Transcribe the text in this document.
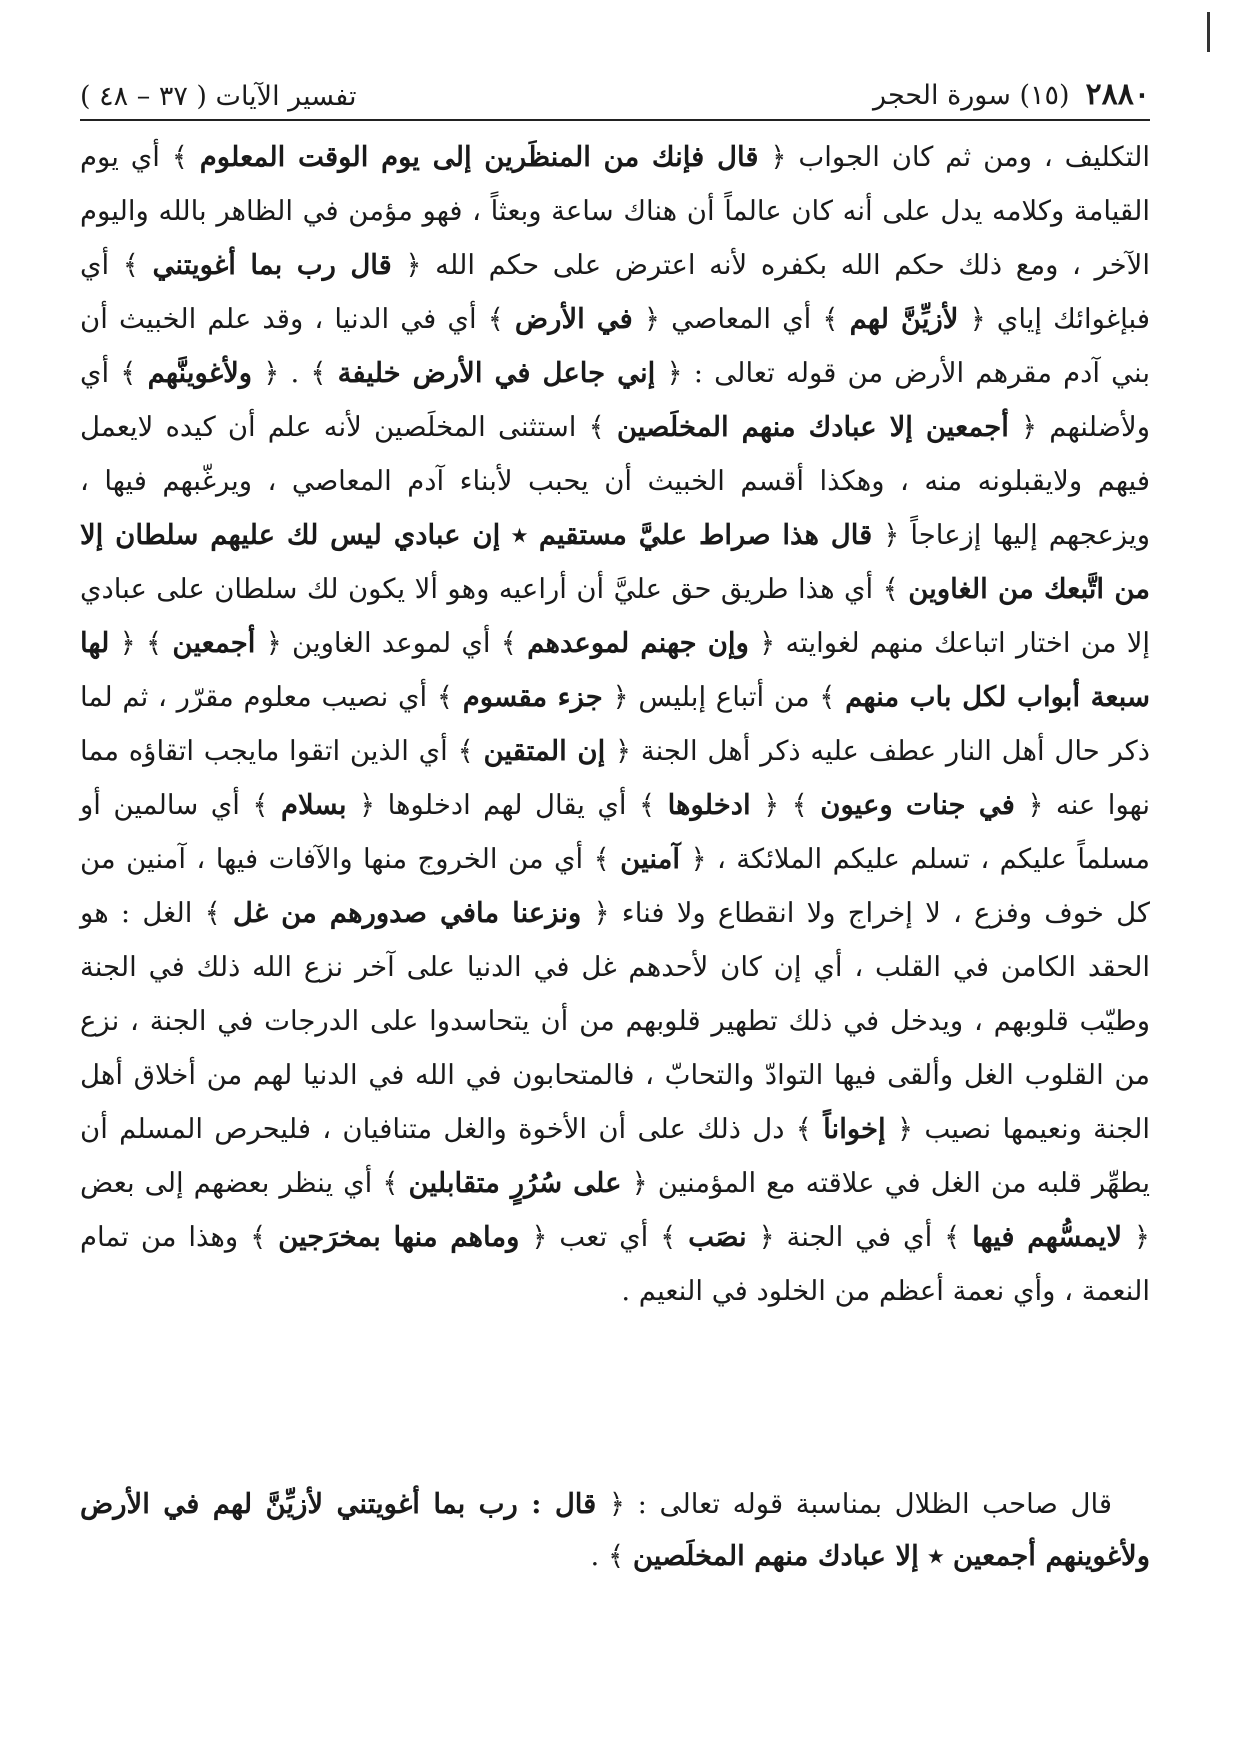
٢٨٨٠
(١٥) سورة الحجر
تفسير الآيات ( ٣٧ – ٤٨ )

التكليف ، ومن ثم كان الجواب ﴿ قال فإنك من المنظَرين إلى يوم الوقت المعلوم ﴾ أي يوم القيامة وكلامه يدل على أنه كان عالماً أن هناك ساعة وبعثاً ، فهو مؤمن في الظاهر بالله واليوم الآخر ، ومع ذلك حكم الله بكفره لأنه اعترض على حكم الله ﴿ قال رب بما أغويتني ﴾ أي فبإغوائك إياي ﴿ لأزيِّنَّ لهم ﴾ أي المعاصي ﴿ في الأرض ﴾ أي في الدنيا ، وقد علم الخبيث أن بني آدم مقرهم الأرض من قوله تعالى : ﴿ إني جاعل في الأرض خليفة ﴾ . ﴿ ولأغوينَّهم ﴾ أي ولأضلنهم ﴿ أجمعين إلا عبادك منهم المخلَصين ﴾ استثنى المخلَصين لأنه علم أن كيده لايعمل فيهم ولايقبلونه منه ، وهكذا أقسم الخبيث أن يحبب لأبناء آدم المعاصي ، ويرغّبهم فيها ، ويزعجهم إليها إزعاجاً ﴿ قال هذا صراط عليَّ مستقيم ٭ إن عبادي ليس لك عليهم سلطان إلا من اتَّبعك من الغاوين ﴾ أي هذا طريق حق عليَّ أن أراعيه وهو ألا يكون لك سلطان على عبادي إلا من اختار اتباعك منهم لغوايته ﴿ وإن جهنم لموعدهم ﴾ أي لموعد الغاوين ﴿ أجمعين ﴾ ﴿ لها سبعة أبواب لكل باب منهم ﴾ من أتباع إبليس ﴿ جزء مقسوم ﴾ أي نصيب معلوم مقرّر ، ثم لما ذكر حال أهل النار عطف عليه ذكر أهل الجنة ﴿ إن المتقين ﴾ أي الذين اتقوا مايجب اتقاؤه مما نهوا عنه ﴿ في جنات وعيون ﴾ ﴿ ادخلوها ﴾ أي يقال لهم ادخلوها ﴿ بسلام ﴾ أي سالمين أو مسلماً عليكم ، تسلم عليكم الملائكة ، ﴿ آمنين ﴾ أي من الخروج منها والآفات فيها ، آمنين من كل خوف وفزع ، لا إخراج ولا انقطاع ولا فناء ﴿ ونزعنا مافي صدورهم من غل ﴾ الغل : هو الحقد الكامن في القلب ، أي إن كان لأحدهم غل في الدنيا على آخر نزع الله ذلك في الجنة وطيّب قلوبهم ، ويدخل في ذلك تطهير قلوبهم من أن يتحاسدوا على الدرجات في الجنة ، نزع من القلوب الغل وألقى فيها التوادّ والتحابّ ، فالمتحابون في الله في الدنيا لهم من أخلاق أهل الجنة ونعيمها نصيب ﴿ إخواناً ﴾ دل ذلك على أن الأخوة والغل متنافيان ، فليحرص المسلم أن يطهِّر قلبه من الغل في علاقته مع المؤمنين ﴿ على سُرُرٍ متقابلين ﴾ أي ينظر بعضهم إلى بعض ﴿ لايمسُّهم فيها ﴾ أي في الجنة ﴿ نصَب ﴾ أي تعب ﴿ وماهم منها بمخرَجين ﴾ وهذا من تمام النعمة ، وأي نعمة أعظم من الخلود في النعيم .

قال صاحب الظلال بمناسبة قوله تعالى : ﴿ قال : رب بما أغويتني لأزيِّنَّ لهم في الأرض ولأغوينهم أجمعين ٭ إلا عبادك منهم المخلَصين ﴾ .
